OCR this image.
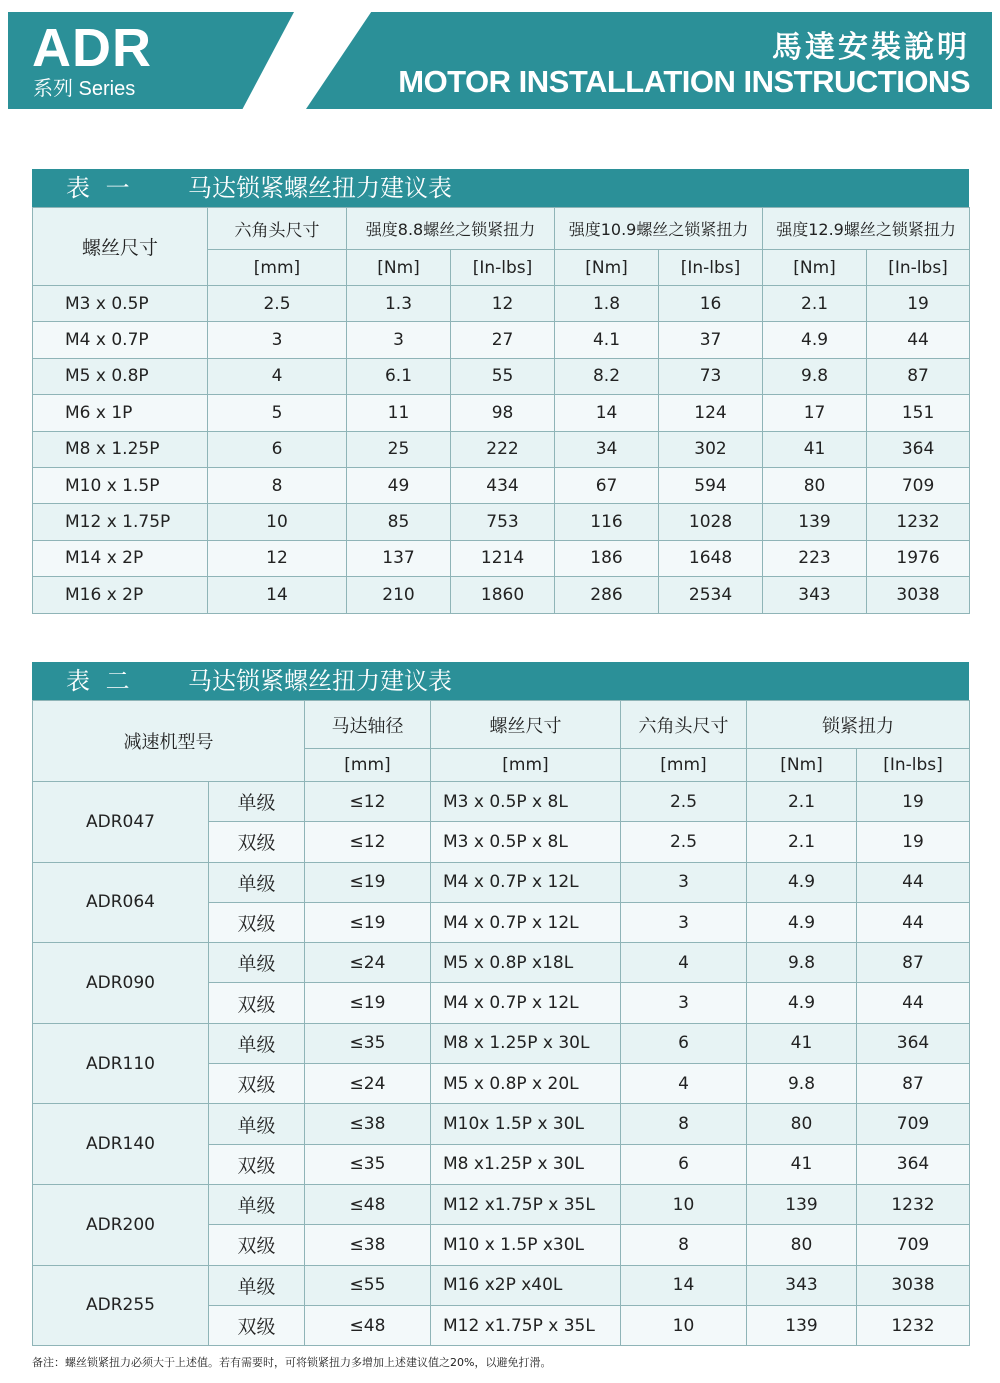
ADR
系列 Series
馬達安裝說明
MOTOR INSTALLATION INSTRUCTIONS
表 一 马达锁紧螺丝扭力建议表
螺丝尺寸	六角头尺寸	强度8.8螺丝之锁紧扭力		强度10.9螺丝之锁紧扭力		强度12.9螺丝之锁紧扭力	
	[mm]	[Nm]	[In-lbs]	[Nm]	[In-lbs]	[Nm]	[In-lbs]
M3 x 0.5P	2.5	1.3	12	1.8	16	2.1	19
M4 x 0.7P	3	3	27	4.1	37	4.9	44
M5 x 0.8P	4	6.1	55	8.2	73	9.8	87
M6 x 1P	5	11	98	14	124	17	151
M8 x 1.25P	6	25	222	34	302	41	364
M10 x 1.5P	8	49	434	67	594	80	709
M12 x 1.75P	10	85	753	116	1028	139	1232
M14 x 2P	12	137	1214	186	1648	223	1976
M16 x 2P	14	210	1860	286	2534	343	3038
表 二 马达锁紧螺丝扭力建议表
减速机型号		马达轴径	螺丝尺寸	六角头尺寸	锁紧扭力	
		[mm]	[mm]	[mm]	[Nm]	[In-lbs]
ADR047	单级	≤12	M3 x 0.5P x 8L	2.5	2.1	19
	双级	≤12	M3 x 0.5P x 8L	2.5	2.1	19
ADR064	单级	≤19	M4 x 0.7P x 12L	3	4.9	44
	双级	≤19	M4 x 0.7P x 12L	3	4.9	44
ADR090	单级	≤24	M5 x 0.8P x18L	4	9.8	87
	双级	≤19	M4 x 0.7P x 12L	3	4.9	44
ADR110	单级	≤35	M8 x 1.25P x 30L	6	41	364
	双级	≤24	M5 x 0.8P x 20L	4	9.8	87
ADR140	单级	≤38	M10x 1.5P x 30L	8	80	709
	双级	≤35	M8 x1.25P x 30L	6	41	364
ADR200	单级	≤48	M12 x1.75P x 35L	10	139	1232
	双级	≤38	M10 x 1.5P x30L	8	80	709
ADR255	单级	≤55	M16 x2P x40L	14	343	3038
	双级	≤48	M12 x1.75P x 35L	10	139	1232
备注：螺丝锁紧扭力必须大于上述值。若有需要时，可将锁紧扭力多增加上述建议值之20%，以避免打滑。
